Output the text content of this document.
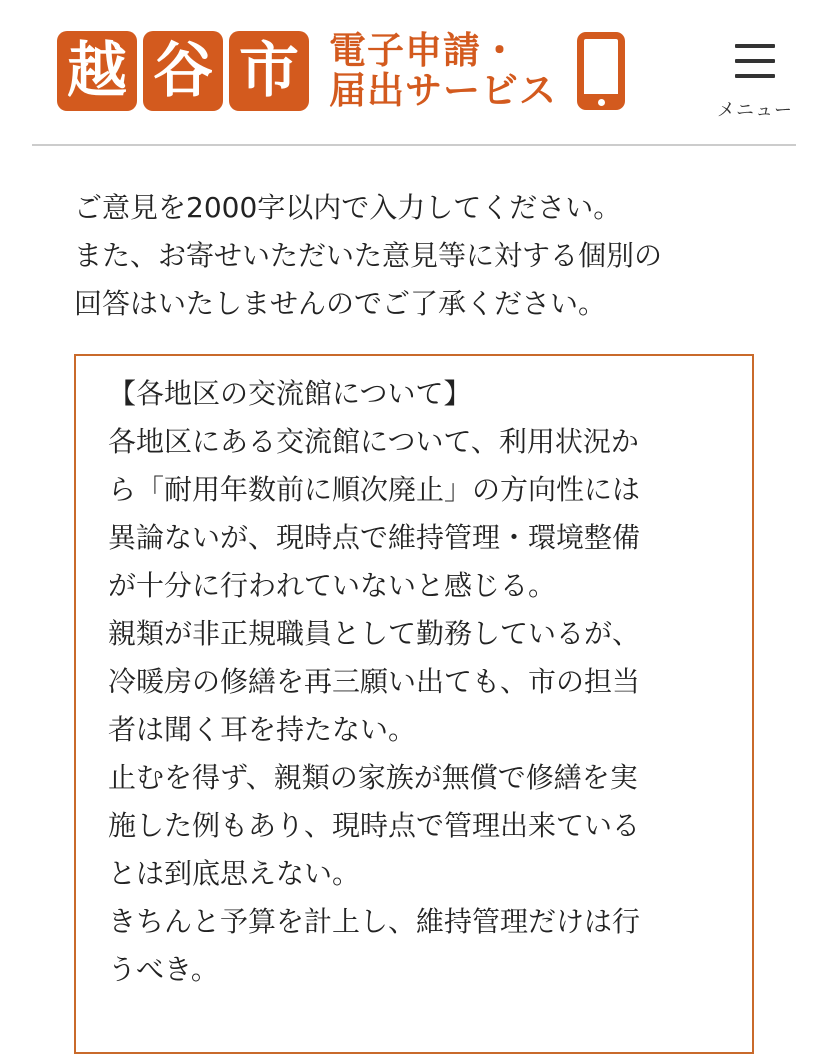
越 谷 市 電子申請・
届出サービス	メニュー

ご意見を2000字以内で入力してください。

また、お寄せいただいた意見等に対する個別の

回答はいたしませんのでご了承ください。

【各地区の交流館について】
各地区にある交流館について、利用状況か
ら「耐用年数前に順次廃止」の方向性には
異論ないが、現時点で維持管理・環境整備
が十分に行われていないと感じる。
親類が非正規職員として勤務しているが、
冷暖房の修繕を再三願い出ても、市の担当
者は聞く耳を持たない。
止むを得ず、親類の家族が無償で修繕を実
施した例もあり、現時点で管理出来ている
とは到底思えない。
きちんと予算を計上し、維持管理だけは行
うべき。
